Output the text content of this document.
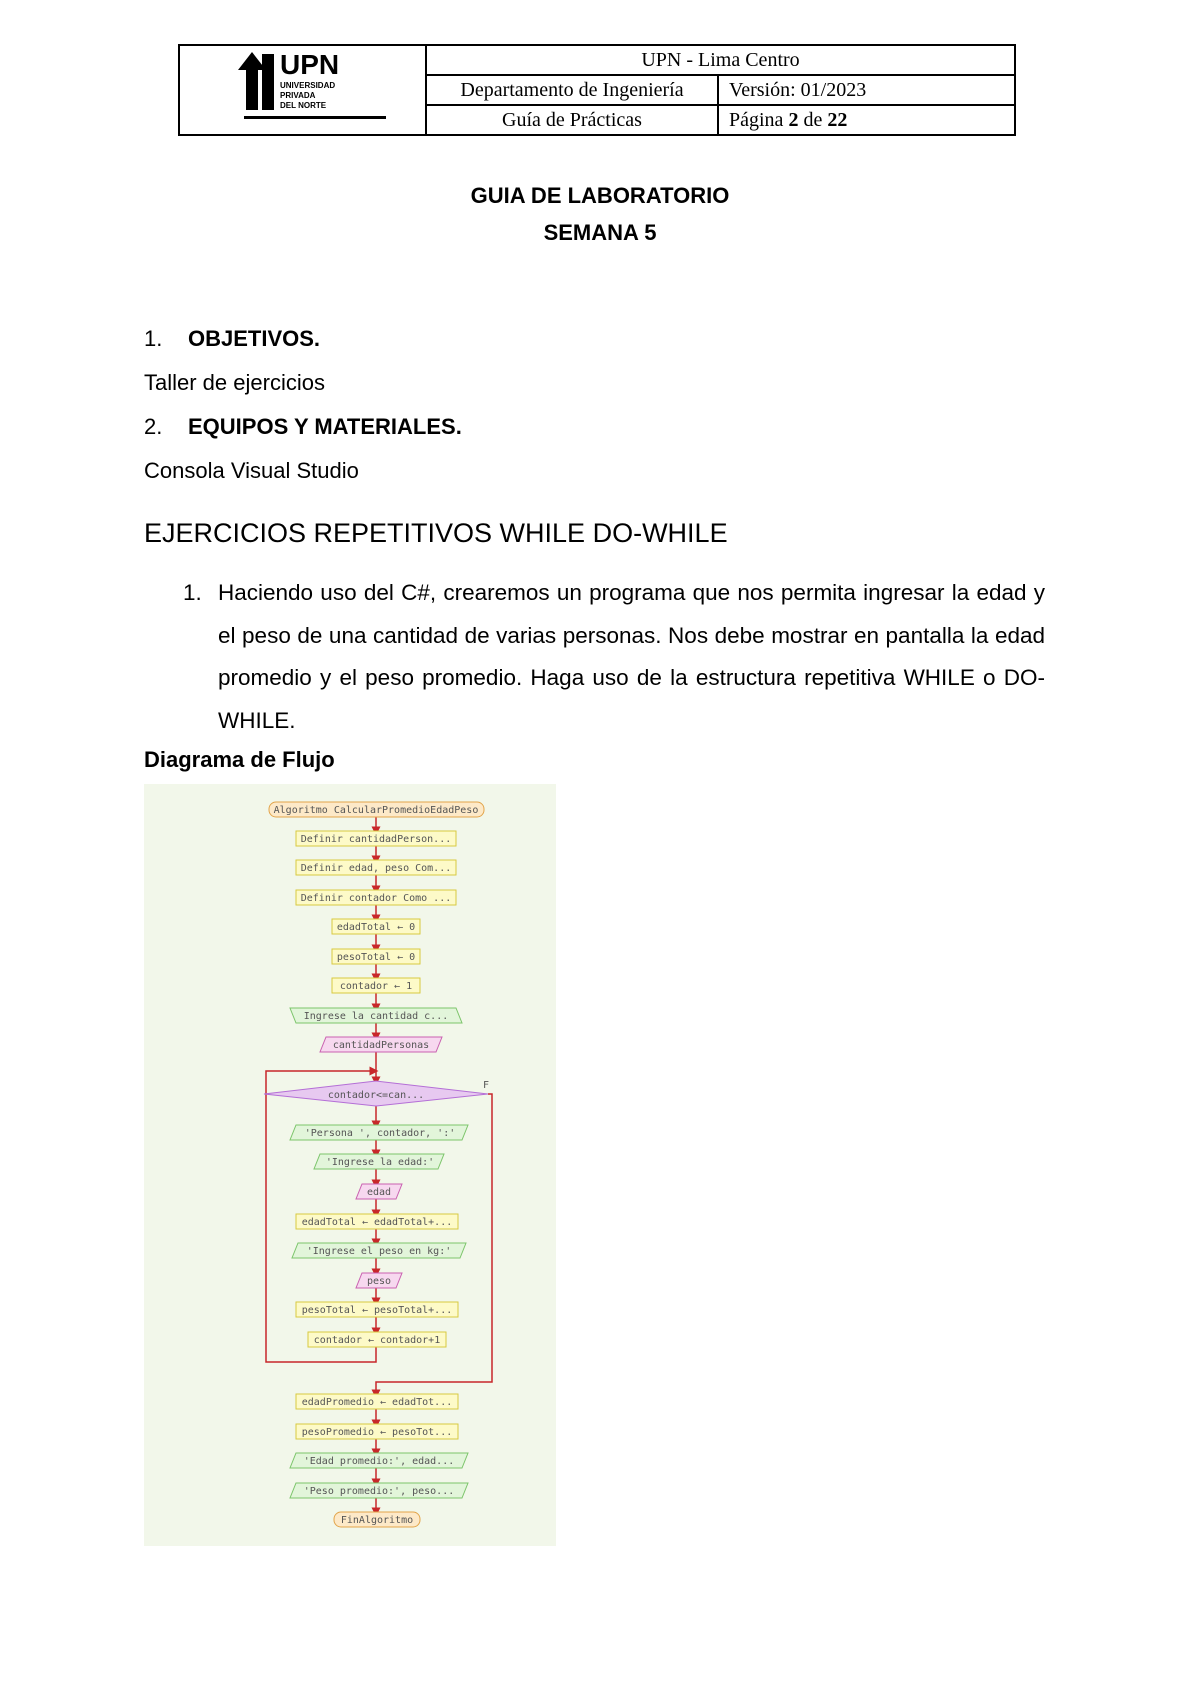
UPN
UNIVERSIDAD
PRIVADA
DEL NORTE	UPN - Lima Centro	
	Departamento de Ingeniería	Versión: 01/2023
	Guía de Prácticas	Página 2 de 22
GUIA DE LABORATORIO
SEMANA 5
1. OBJETIVOS.
Taller de ejercicios
2. EQUIPOS Y MATERIALES.
Consola Visual Studio
EJERCICIOS REPETITIVOS WHILE DO-WHILE
1. Haciendo uso del C#, crearemos un programa que nos permita ingresar la edad y el peso de una cantidad de varias personas. Nos debe mostrar en pantalla la edad promedio y el peso promedio. Haga uso de la estructura repetitiva WHILE o DO-WHILE.
Diagrama de Flujo
F
Algoritmo CalcularPromedioEdadPeso
Definir cantidadPerson...
Definir edad, peso Com...
Definir contador Como ...
edadTotal ← 0
pesoTotal ← 0
contador ← 1
Ingrese la cantidad c...
cantidadPersonas
contador<=can...
'Persona ', contador, ':'
'Ingrese la edad:'
edad
edadTotal ← edadTotal+...
'Ingrese el peso en kg:'
peso
pesoTotal ← pesoTotal+...
contador ← contador+1
edadPromedio ← edadTot...
pesoPromedio ← pesoTot...
'Edad promedio:', edad...
'Peso promedio:', peso...
FinAlgoritmo
